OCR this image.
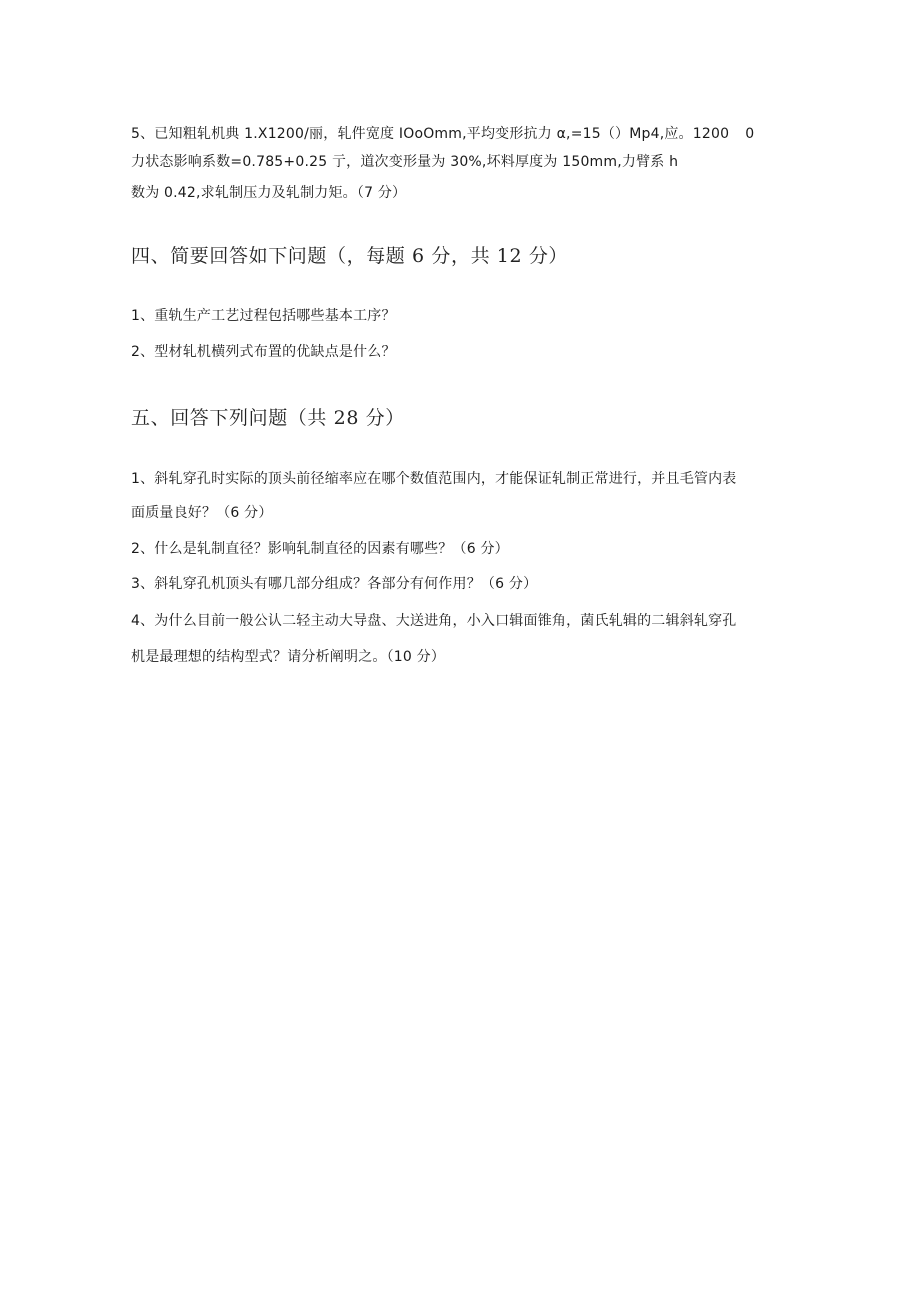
5、已知粗轧机典 1.X1200/丽，轧件宽度 IOoOmm,平均变形抗力 α,=15（）Mp4,应。1200 0
力状态影响系数=0.785+0.25 亍，道次变形量为 30%,坏料厚度为 150mm,力臂系 h
数为 0.42,求轧制压力及轧制力矩。（7 分）
四、简要回答如下问题（，每题 6 分，共 12 分）
1、重轨生产工艺过程包括哪些基本工序？
2、型材轧机横列式布置的优缺点是什么？
五、回答下列问题（共 28 分）
1、斜轧穿孔时实际的顶头前径缩率应在哪个数值范围内，才能保证轧制正常进行，并且毛管内表
面质量良好？（6 分）
2、什么是轧制直径？影响轧制直径的因素有哪些？（6 分）
3、斜轧穿孔机顶头有哪几部分组成？各部分有何作用？（6 分）
4、为什么目前一般公认二轻主动大导盘、大送进角，小入口辑面锥角，菌氏轧辑的二辑斜轧穿孔
机是最理想的结构型式？请分析阐明之。（10 分）
